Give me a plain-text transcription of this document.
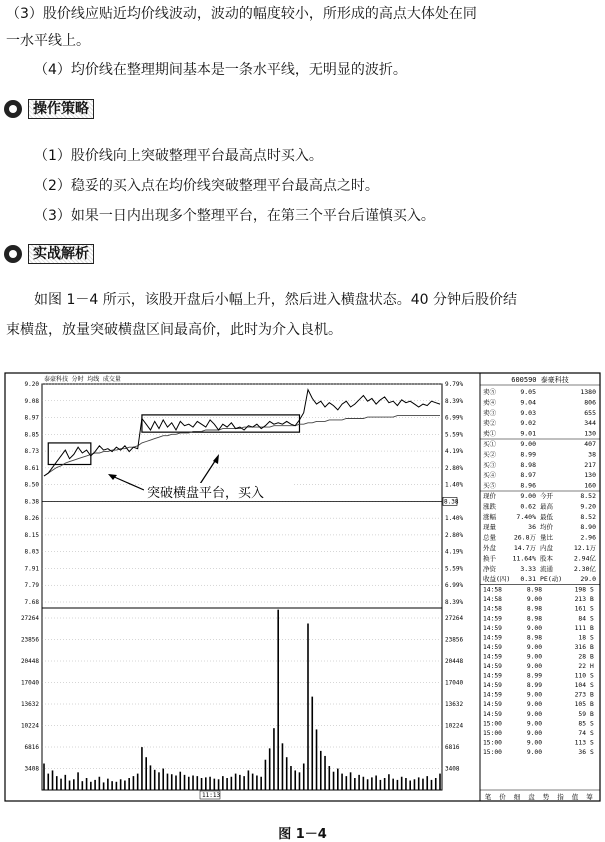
（3）股价线应贴近均价线波动，波动的幅度较小，所形成的高点大体处在同
一水平线上。
（4）均价线在整理期间基本是一条水平线，无明显的波折。
操作策略
（1）股价线向上突破整理平台最高点时买入。
（2）稳妥的买入点在均价线突破整理平台最高点之时。
（3）如果一日内出现多个整理平台，在第三个平台后谨慎买入。
实战解析
如图 1－4 所示，该股开盘后小幅上升，然后进入横盘状态。40 分钟后股价结
束横盘，放量突破横盘区间最高价，此时为介入良机。
泰豪科技 分时 均线 成交量
9.20	9.79%
9.08	8.39%
8.97	6.99%
8.85	5.59%
8.73	4.19%
8.61	2.80%
8.50	1.40%
8.38
8.26	1.40%
8.15	2.80%
8.03	4.19%
7.91	5.59%
7.79	6.99%
7.68	8.39%
8.38
突破横盘平台，买入
27264	27264
23856	23856
20448	20448
17040	17040
13632	13632
10224	10224
6816	6816
3408	3408
11:13
600590 泰豪科技
卖⑤	9.05	1380
卖④	9.04	806
卖③	9.03	655
卖②	9.02	344
卖①	9.01	130
买①	9.00	407
买②	8.99	38
买③	8.98	217
买④	8.97	130
买⑤	8.96	160
现价	9.00 今开	8.52
涨跌	0.62 最高	9.20
涨幅	7.40% 最低	8.52
现量	36 均价	8.90
总量	26.8万 量比	2.96
外盘	14.7万 内盘	12.1万
换手	11.64% 股本	2.94亿
净资	3.33 流通	2.30亿
收益(四) 0.31 PE(动)	29.0
14:58	8.98	198 S
14:58	9.00	213 B
14:58	8.98	161 S
14:59	8.98	84 S
14:59	9.00	111 B
14:59	8.98	18 S
14:59	9.00	316 B
14:59	9.00	28 B
14:59	9.00	22 H
14:59	8.99	110 S
14:59	8.99	104 S
14:59	9.00	273 B
14:59	9.00	105 B
14:59	9.00	59 B
15:00	9.00	85 S
15:00	9.00	74 S
15:00	9.00	113 S
15:00	9.00	36 S
笔 价 细 盘 势 指 值 筹
图 1－4
